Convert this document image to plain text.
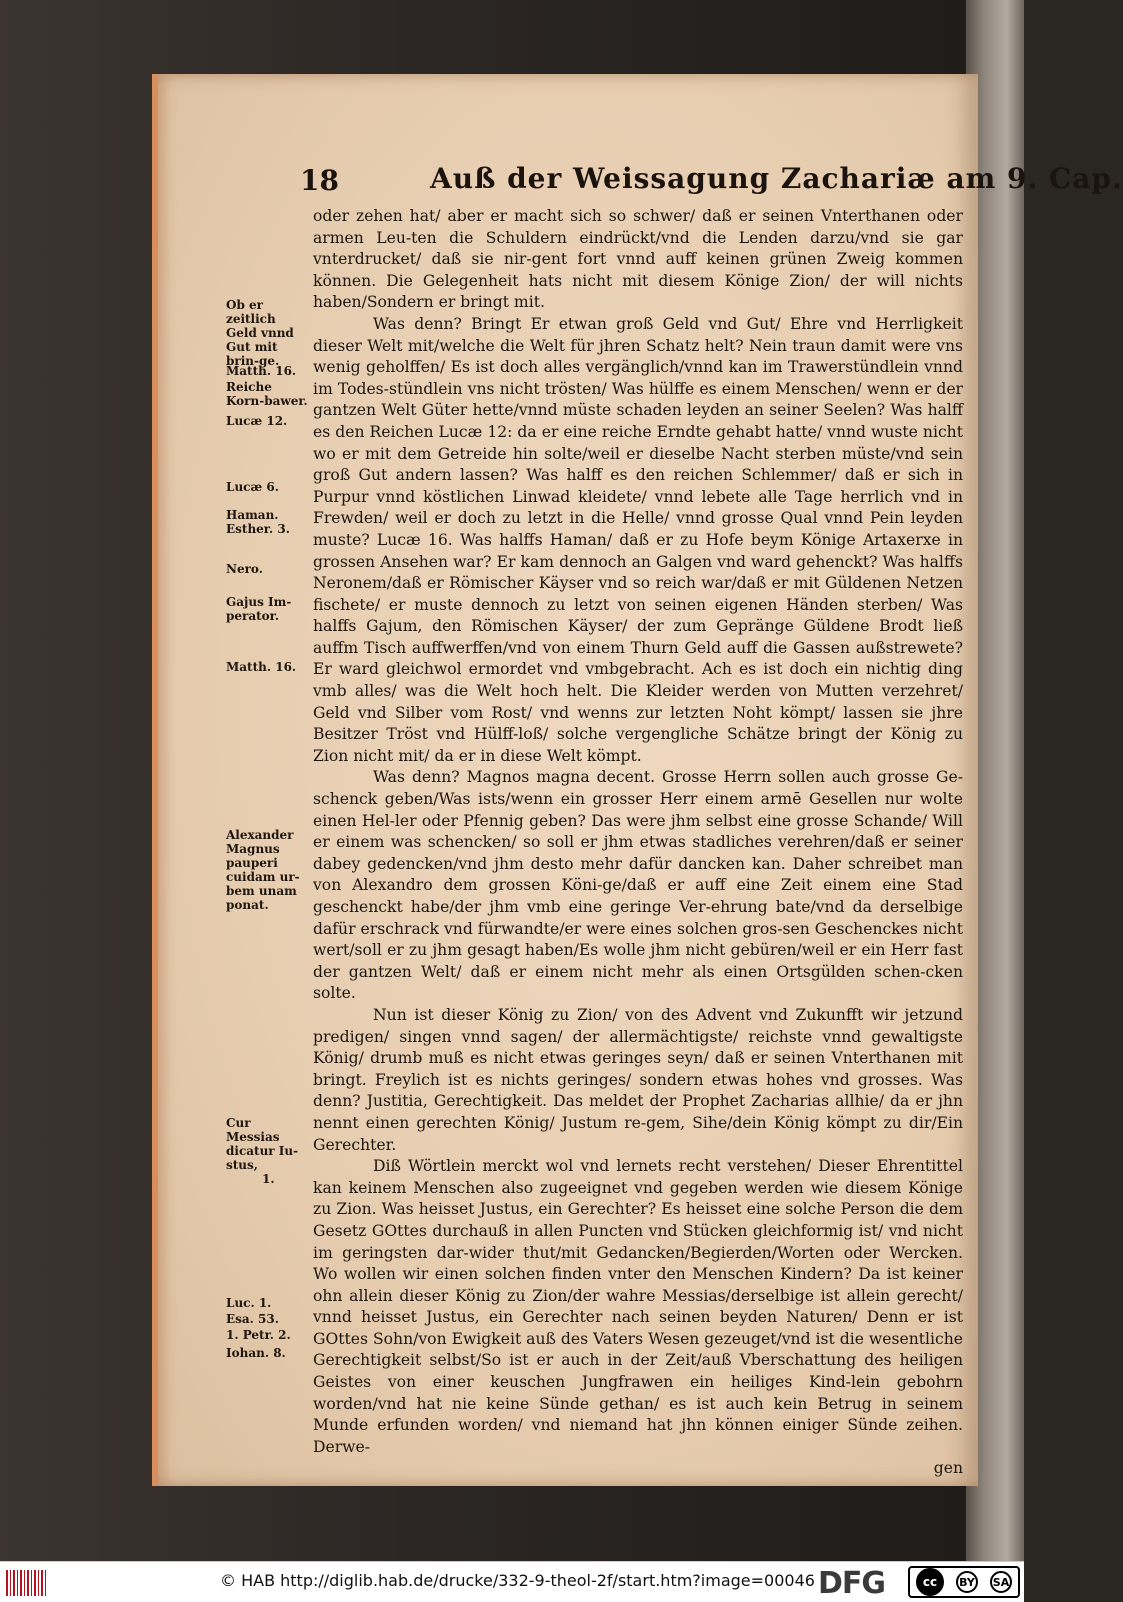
18	Auß der Weissagung Zachariæ am 9. Cap.

oder zehen hat/ aber er macht sich so schwer/ daß er seinen Vnterthanen oder armen Leu-ten die Schuldern eindrückt/vnd die Lenden darzu/vnd sie gar vnterdrucket/ daß sie nir-gent fort vnnd auff keinen grünen Zweig kommen können. Die Gelegenheit hats nicht mit diesem Könige Zion/ der will nichts haben/Sondern er bringt mit.

Was denn? Bringt Er etwan groß Geld vnd Gut/ Ehre vnd Herrligkeit dieser Welt mit/welche die Welt für jhren Schatz helt? Nein traun damit were vns wenig geholffen/ Es ist doch alles vergänglich/vnnd kan im Trawerstündlein vnnd im Todes-stündlein vns nicht trösten/ Was hülffe es einem Menschen/ wenn er der gantzen Welt Güter hette/vnnd müste schaden leyden an seiner Seelen? Was halff es den Reichen Lucæ 12: da er eine reiche Erndte gehabt hatte/ vnnd wuste nicht wo er mit dem Getreide hin solte/weil er dieselbe Nacht sterben müste/vnd sein groß Gut andern lassen? Was halff es den reichen Schlemmer/ daß er sich in Purpur vnnd köstlichen Linwad kleidete/ vnnd lebete alle Tage herrlich vnd in Frewden/ weil er doch zu letzt in die Helle/ vnnd grosse Qual vnnd Pein leyden muste? Lucæ 16. Was halffs Haman/ daß er zu Hofe beym Könige Artaxerxe in grossen Ansehen war? Er kam dennoch an Galgen vnd ward gehenckt? Was halffs Neronem/daß er Römischer Käyser vnd so reich war/daß er mit Güldenen Netzen fischete/ er muste dennoch zu letzt von seinen eigenen Händen sterben/ Was halffs Gajum, den Römischen Käyser/ der zum Gepränge Güldene Brodt ließ auffm Tisch auffwerffen/vnd von einem Thurn Geld auff die Gassen außstrewete? Er ward gleichwol ermordet vnd vmbgebracht. Ach es ist doch ein nichtig ding vmb alles/ was die Welt hoch helt. Die Kleider werden von Mutten verzehret/ Geld vnd Silber vom Rost/ vnd wenns zur letzten Noht kömpt/ lassen sie jhre Besitzer Tröst vnd Hülff-loß/ solche vergengliche Schätze bringt der König zu Zion nicht mit/ da er in diese Welt kömpt.

Was denn? Magnos magna decent. Grosse Herrn sollen auch grosse Ge-schenck geben/Was ists/wenn ein grosser Herr einem armē Gesellen nur wolte einen Hel-ler oder Pfennig geben? Das were jhm selbst eine grosse Schande/ Will er einem was schencken/ so soll er jhm etwas stadliches verehren/daß er seiner dabey gedencken/vnd jhm desto mehr dafür dancken kan. Daher schreibet man von Alexandro dem grossen Köni-ge/daß er auff eine Zeit einem eine Stad geschenckt habe/der jhm vmb eine geringe Ver-ehrung bate/vnd da derselbige dafür erschrack vnd fürwandte/er were eines solchen gros-sen Geschenckes nicht wert/soll er zu jhm gesagt haben/Es wolle jhm nicht gebüren/weil er ein Herr fast der gantzen Welt/ daß er einem nicht mehr als einen Ortsgülden schen-cken solte.

Nun ist dieser König zu Zion/ von des Advent vnd Zukunfft wir jetzund predigen/ singen vnnd sagen/ der allermächtigste/ reichste vnnd gewaltigste König/ drumb muß es nicht etwas geringes seyn/ daß er seinen Vnterthanen mit bringt. Freylich ist es nichts geringes/ sondern etwas hohes vnd grosses. Was denn? Justitia, Gerechtigkeit. Das meldet der Prophet Zacharias allhie/ da er jhn nennt einen gerechten König/ Justum re-gem, Sihe/dein König kömpt zu dir/Ein Gerechter.

Diß Wörtlein merckt wol vnd lernets recht verstehen/ Dieser Ehrentittel kan keinem Menschen also zugeeignet vnd gegeben werden wie diesem Könige zu Zion. Was heisset Justus, ein Gerechter? Es heisset eine solche Person die dem Gesetz GOttes durchauß in allen Puncten vnd Stücken gleichformig ist/ vnd nicht im geringsten dar-wider thut/mit Gedancken/Begierden/Worten oder Wercken. Wo wollen wir einen solchen finden vnter den Menschen Kindern? Da ist keiner ohn allein dieser König zu Zion/der wahre Messias/derselbige ist allein gerecht/ vnnd heisset Justus, ein Gerechter nach seinen beyden Naturen/ Denn er ist GOttes Sohn/von Ewigkeit auß des Vaters Wesen gezeuget/vnd ist die wesentliche Gerechtigkeit selbst/So ist er auch in der Zeit/auß Vberschattung des heiligen Geistes von einer keuschen Jungfrawen ein heiliges Kind-lein gebohrn worden/vnd hat nie keine Sünde gethan/ es ist auch kein Betrug in seinem Munde erfunden worden/ vnd niemand hat jhn können einiger Sünde zeihen. Derwe-

gen
Ob er zeitlich Geld vnnd Gut mit brin-ge.
Matth. 16.
Reiche Korn-bawer.
Lucæ 12.
Lucæ 6.
Haman. Esther. 3.
Nero.
Gajus Im-perator.
Matth. 16.
Alexander Magnus pauperi cuidam ur-bem unam ponat.
Cur Messias dicatur Iu-stus,
1.
Luc. 1.
Esa. 53.
1. Petr. 2.
Iohan. 8.
© HAB http://diglib.hab.de/drucke/332-9-theol-2f/start.htm?image=00046 DFG	cc	BY SA
